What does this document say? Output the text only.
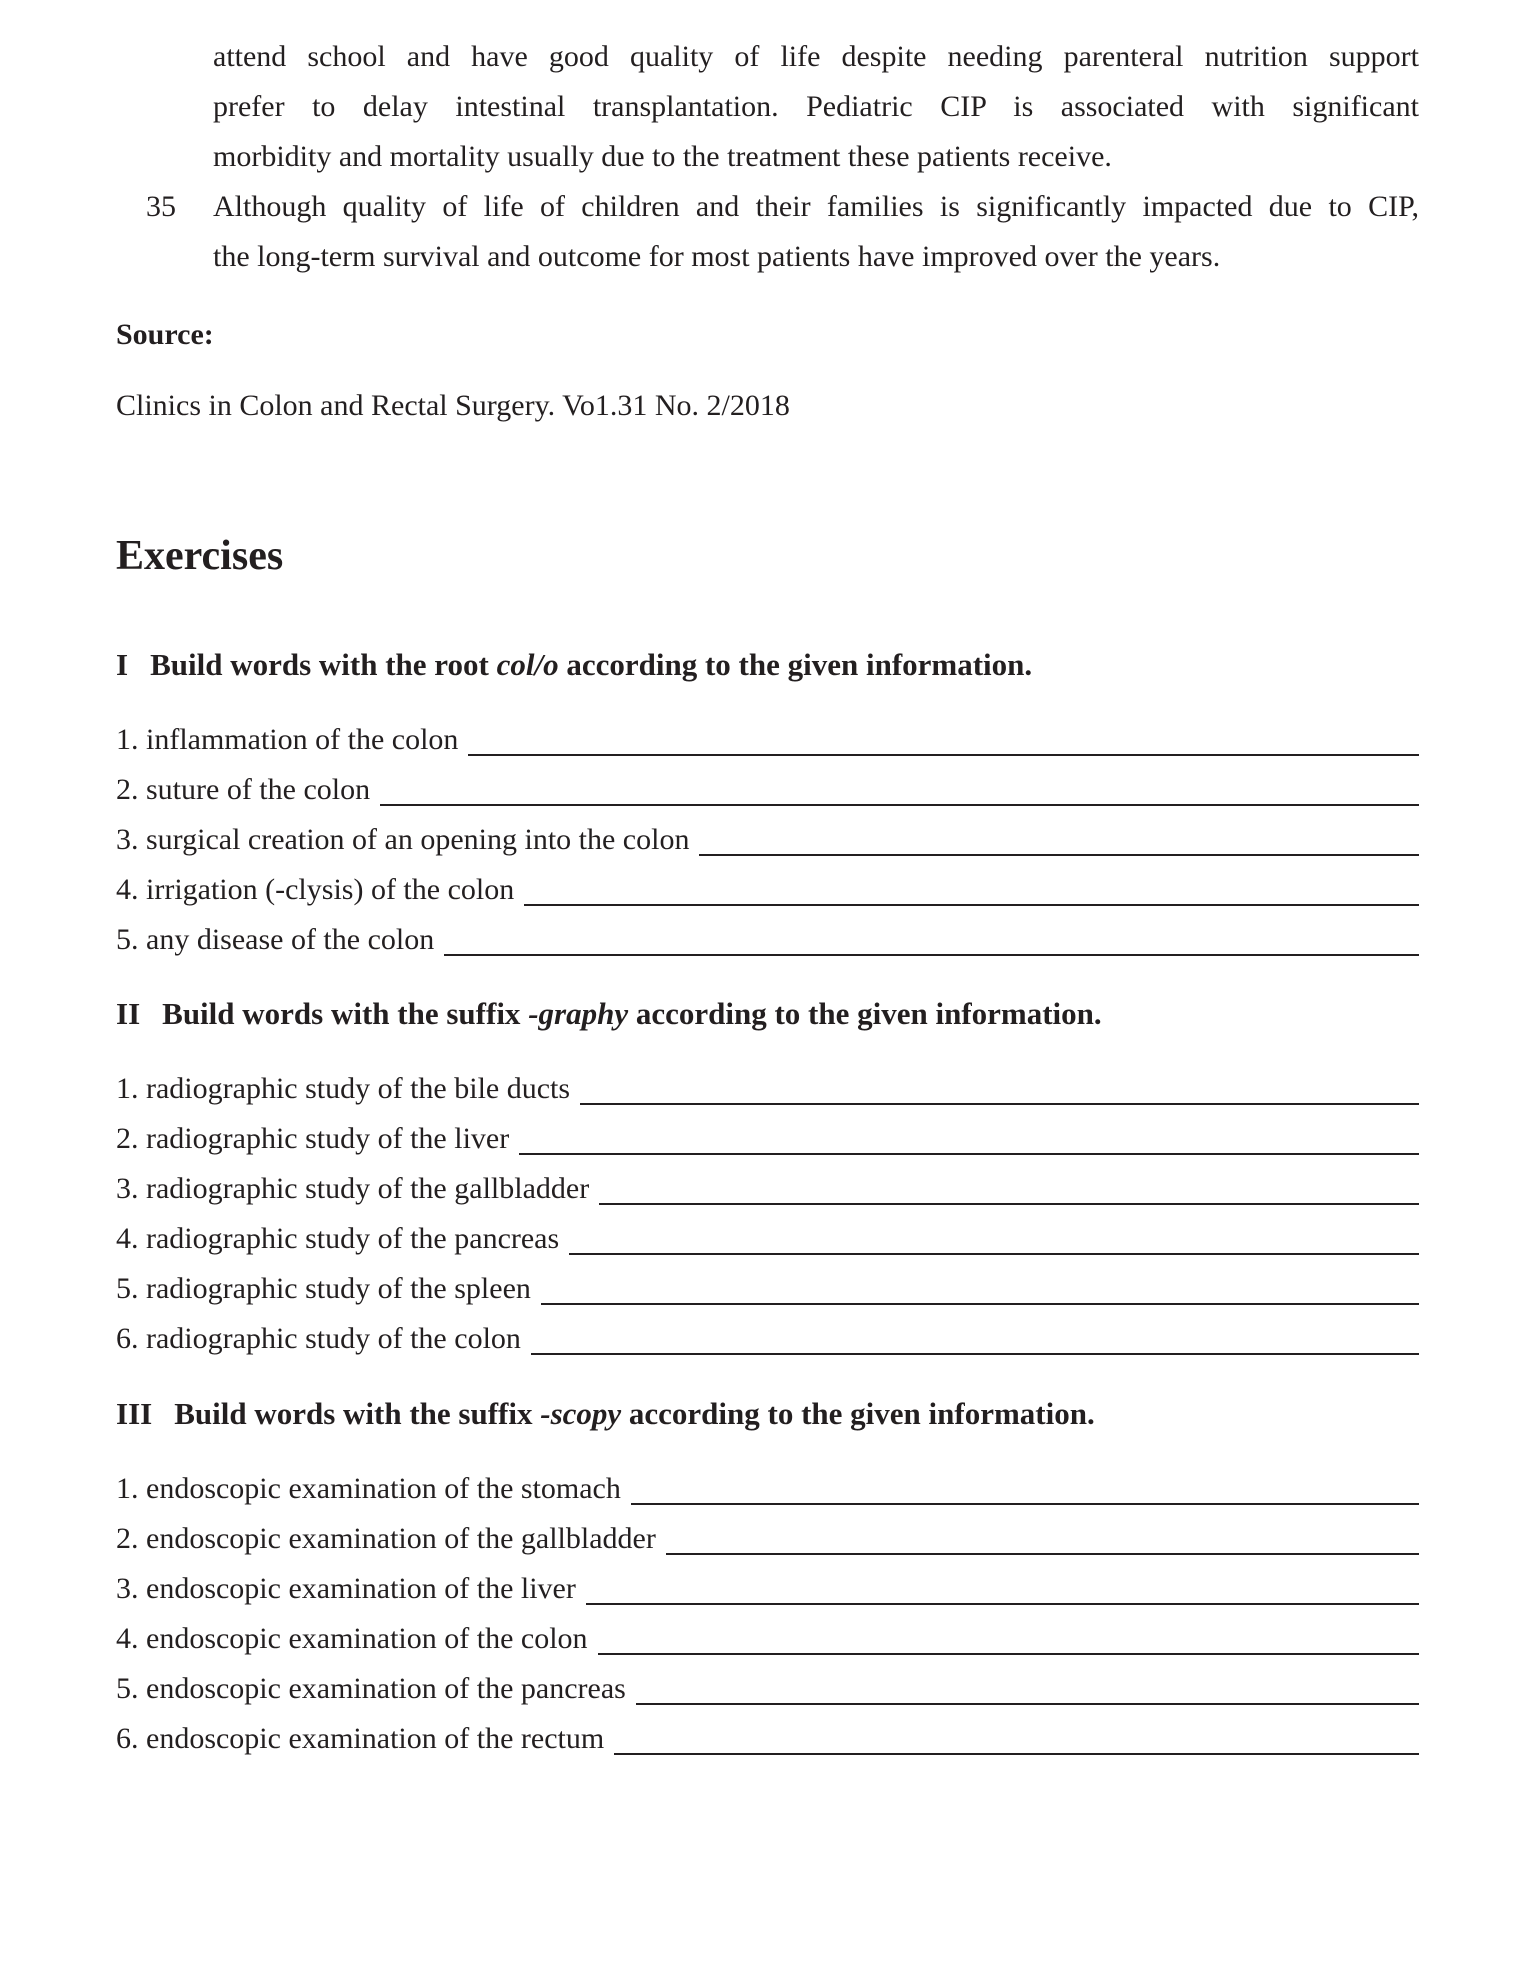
attend school and have good quality of life despite needing parenteral nutrition support
prefer to delay intestinal transplantation. Pediatric CIP is associated with significant
morbidity and mortality usually due to the treatment these patients receive.
35 Although quality of life of children and their families is significantly impacted due to CIP,
the long-term survival and outcome for most patients have improved over the years.
Source:
Clinics in Colon and Rectal Surgery. Vo1.31 No. 2/2018
Exercises
I Build words with the root col/o according to the given information.
1. inflammation of the colon
2. suture of the colon
3. surgical creation of an opening into the colon
4. irrigation (-clysis) of the colon
5. any disease of the colon
II Build words with the suffix -graphy according to the given information.
1. radiographic study of the bile ducts
2. radiographic study of the liver
3. radiographic study of the gallbladder
4. radiographic study of the pancreas
5. radiographic study of the spleen
6. radiographic study of the colon
III Build words with the suffix -scopy according to the given information.
1. endoscopic examination of the stomach
2. endoscopic examination of the gallbladder
3. endoscopic examination of the liver
4. endoscopic examination of the colon
5. endoscopic examination of the pancreas
6. endoscopic examination of the rectum
